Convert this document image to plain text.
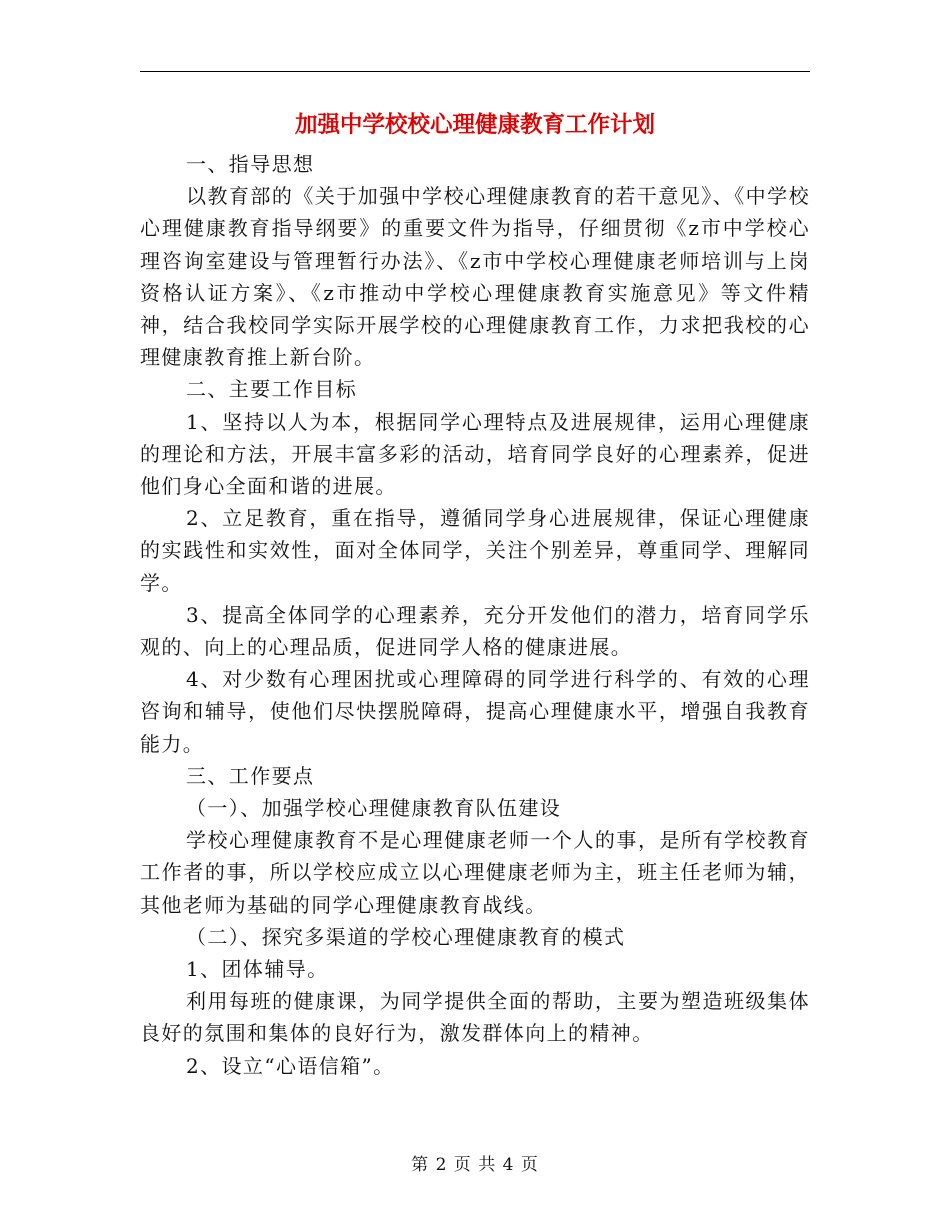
加强中学校校心理健康教育工作计划

一、指导思想

以教育部的《关于加强中学校心理健康教育的若干意见》、《中学校心理健康教育指导纲要》的重要文件为指导，仔细贯彻《z市中学校心理咨询室建设与管理暂行办法》、《z市中学校心理健康老师培训与上岗资格认证方案》、《z市推动中学校心理健康教育实施意见》等文件精神，结合我校同学实际开展学校的心理健康教育工作，力求把我校的心理健康教育推上新台阶。

二、主要工作目标

1、坚持以人为本，根据同学心理特点及进展规律，运用心理健康的理论和方法，开展丰富多彩的活动，培育同学良好的心理素养，促进他们身心全面和谐的进展。

2、立足教育，重在指导，遵循同学身心进展规律，保证心理健康的实践性和实效性，面对全体同学，关注个别差异，尊重同学、理解同学。

3、提高全体同学的心理素养，充分开发他们的潜力，培育同学乐观的、向上的心理品质，促进同学人格的健康进展。

4、对少数有心理困扰或心理障碍的同学进行科学的、有效的心理咨询和辅导，使他们尽快摆脱障碍，提高心理健康水平，增强自我教育能力。

三、工作要点

（一）、加强学校心理健康教育队伍建设

学校心理健康教育不是心理健康老师一个人的事，是所有学校教育工作者的事，所以学校应成立以心理健康老师为主，班主任老师为辅，其他老师为基础的同学心理健康教育战线。

（二）、探究多渠道的学校心理健康教育的模式

1、团体辅导。

利用每班的健康课，为同学提供全面的帮助，主要为塑造班级集体良好的氛围和集体的良好行为，激发群体向上的精神。

2、设立“心语信箱”。

第 2 页 共 4 页
